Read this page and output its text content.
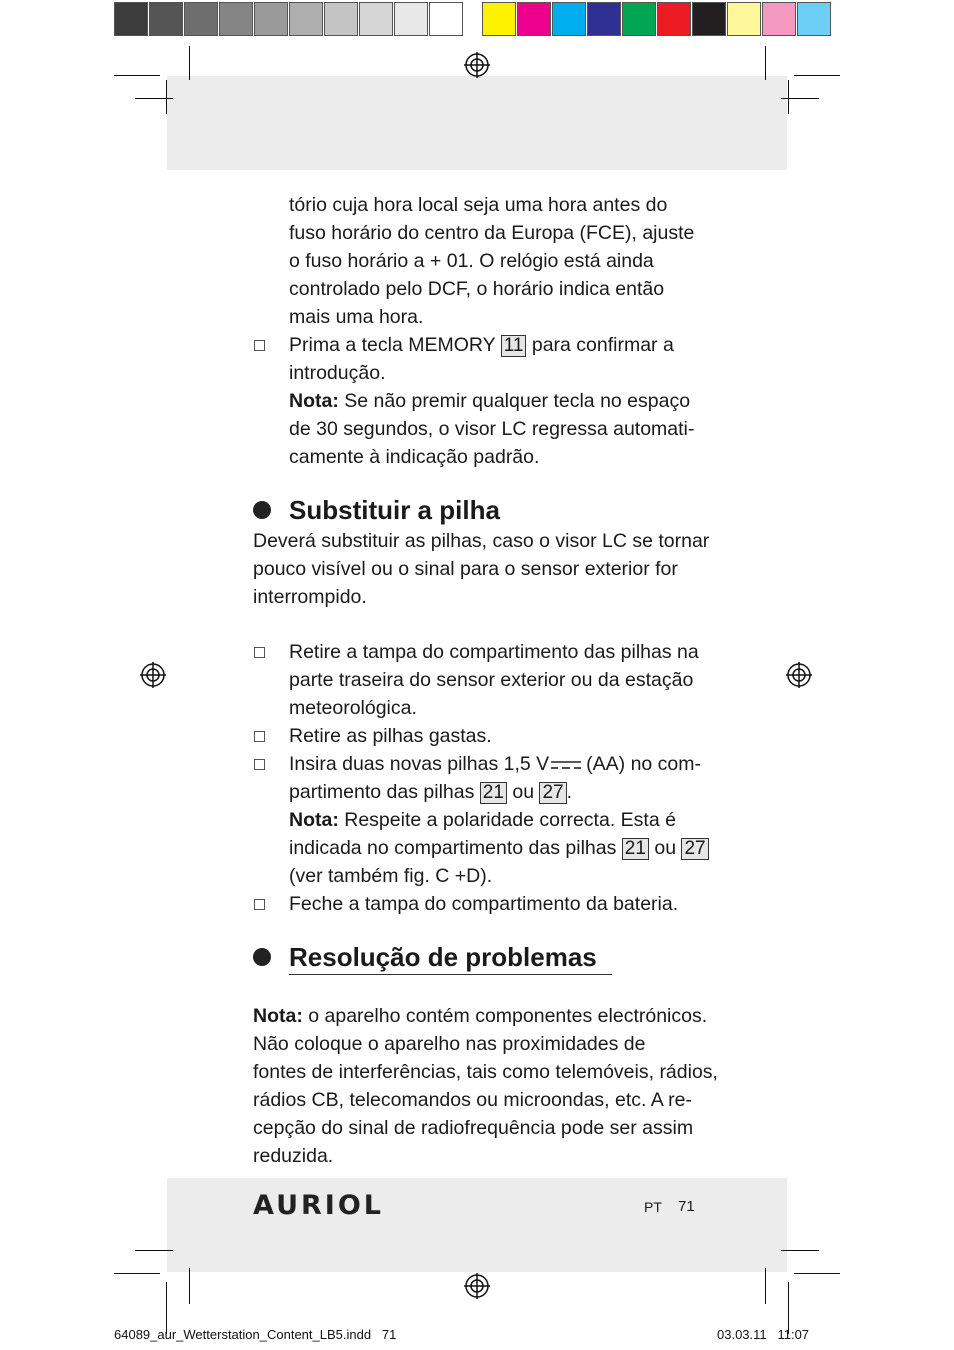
tório cuja hora local seja uma hora antes do
fuso horário do centro da Europa (FCE), ajuste
o fuso horário a + 01. O relógio está ainda
controlado pelo DCF, o horário indica então
mais uma hora.
Prima a tecla MEMORY 11 para confirmar a
introdução.
Nota: Se não premir qualquer tecla no espaço
de 30 segundos, o visor LC regressa automati-
camente à indicação padrão.
Substituir a pilha
Deverá substituir as pilhas, caso o visor LC se tornar
pouco visível ou o sinal para o sensor exterior for
interrompido.
Retire a tampa do compartimento das pilhas na
parte traseira do sensor exterior ou da estação
meteorológica.
Retire as pilhas gastas.
Insira duas novas pilhas 1,5 V (AA) no com-
partimento das pilhas 21 ou 27 .
Nota: Respeite a polaridade correcta. Esta é
indicada no compartimento das pilhas 21 ou 27
(ver também fig. C +D).
Feche a tampa do compartimento da bateria.
Resolução de problemas
Nota: o aparelho contém componentes electrónicos.
Não coloque o aparelho nas proximidades de
fontes de interferências, tais como telemóveis, rádios,
rádios CB, telecomandos ou microondas, etc. A re-
cepção do sinal de radiofrequência pode ser assim
reduzida.
AURIOL	PT 71
64089_aur_Wetterstation_Content_LB5.indd   71	03.03.11   11:07
